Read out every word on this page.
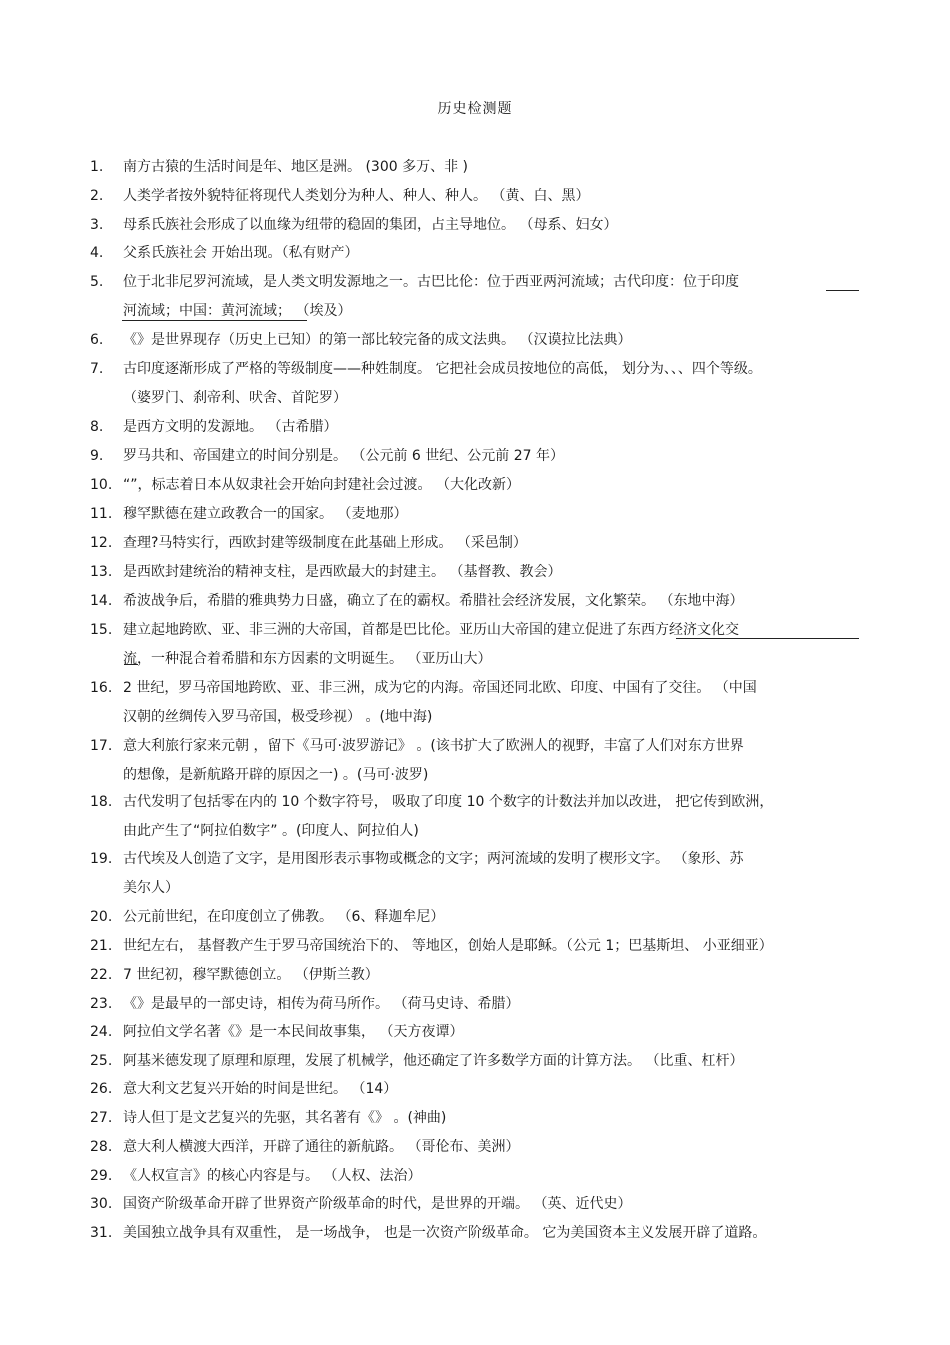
历史检测题
1.	南方古猿的生活时间是年、地区是洲。 (300 多万、非 )
2.	人类学者按外貌特征将现代人类划分为种人、种人、种人。 （黄、白、黑）
3.	母系氏族社会形成了以血缘为纽带的稳固的集团，占主导地位。 （母系、妇女）
4.	父系氏族社会 开始出现。（私有财产）
5.	位于北非尼罗河流域，是人类文明发源地之一。古巴比伦：位于西亚两河流域；古代印度：位于印度
河流域；中国：黄河流域； （埃及）
6.	《》是世界现存（历史上已知）的第一部比较完备的成文法典。 （汉谟拉比法典）
7.	古印度逐渐形成了严格的等级制度——种姓制度。 它把社会成员按地位的高低， 划分为、、、四个等级。
（婆罗门、刹帝利、吠舍、首陀罗）
8.	是西方文明的发源地。 （古希腊）
9.	罗马共和、帝国建立的时间分别是。 （公元前 6 世纪、公元前 27 年）
10. “”，标志着日本从奴隶社会开始向封建社会过渡。 （大化改新）
11. 穆罕默德在建立政教合一的国家。 （麦地那）
12. 查理?马特实行，西欧封建等级制度在此基础上形成。 （采邑制）
13. 是西欧封建统治的精神支柱，是西欧最大的封建主。 （基督教、教会）
14. 希波战争后，希腊的雅典势力日盛，确立了在的霸权。希腊社会经济发展，文化繁荣。 （东地中海）
15. 建立起地跨欧、亚、非三洲的大帝国，首都是巴比伦。亚历山大帝国的建立促进了东西方经济文化交
流，一种混合着希腊和东方因素的文明诞生。 （亚历山大）
16. 2 世纪，罗马帝国地跨欧、亚、非三洲，成为它的内海。帝国还同北欧、印度、中国有了交往。 （中国
汉朝的丝绸传入罗马帝国，极受珍视） 。(地中海)
17. 意大利旅行家来元朝 ，留下《马可·波罗游记》 。(该书扩大了欧洲人的视野，丰富了人们对东方世界
的想像，是新航路开辟的原因之一) 。(马可·波罗)
18. 古代发明了包括零在内的 10 个数字符号， 吸取了印度 10 个数字的计数法并加以改进， 把它传到欧洲，
由此产生了“阿拉伯数字” 。(印度人、阿拉伯人)
19. 古代埃及人创造了文字，是用图形表示事物或概念的文字；两河流域的发明了楔形文字。 （象形、苏
美尔人）
20. 公元前世纪，在印度创立了佛教。 （6、释迦牟尼）
21. 世纪左右， 基督教产生于罗马帝国统治下的、 等地区，创始人是耶稣。（公元 1；巴基斯坦、 小亚细亚）
22. 7 世纪初，穆罕默德创立。 （伊斯兰教）
23. 《》是最早的一部史诗，相传为荷马所作。 （荷马史诗、希腊）
24. 阿拉伯文学名著《》是一本民间故事集， （天方夜谭）
25. 阿基米德发现了原理和原理，发展了机械学，他还确定了许多数学方面的计算方法。 （比重、杠杆）
26. 意大利文艺复兴开始的时间是世纪。 （14）
27. 诗人但丁是文艺复兴的先驱，其名著有《》 。(神曲)
28. 意大利人横渡大西洋，开辟了通往的新航路。 （哥伦布、美洲）
29. 《人权宣言》的核心内容是与。 （人权、法治）
30. 国资产阶级革命开辟了世界资产阶级革命的时代，是世界的开端。 （英、近代史）
31. 美国独立战争具有双重性， 是一场战争， 也是一次资产阶级革命。 它为美国资本主义发展开辟了道路。
